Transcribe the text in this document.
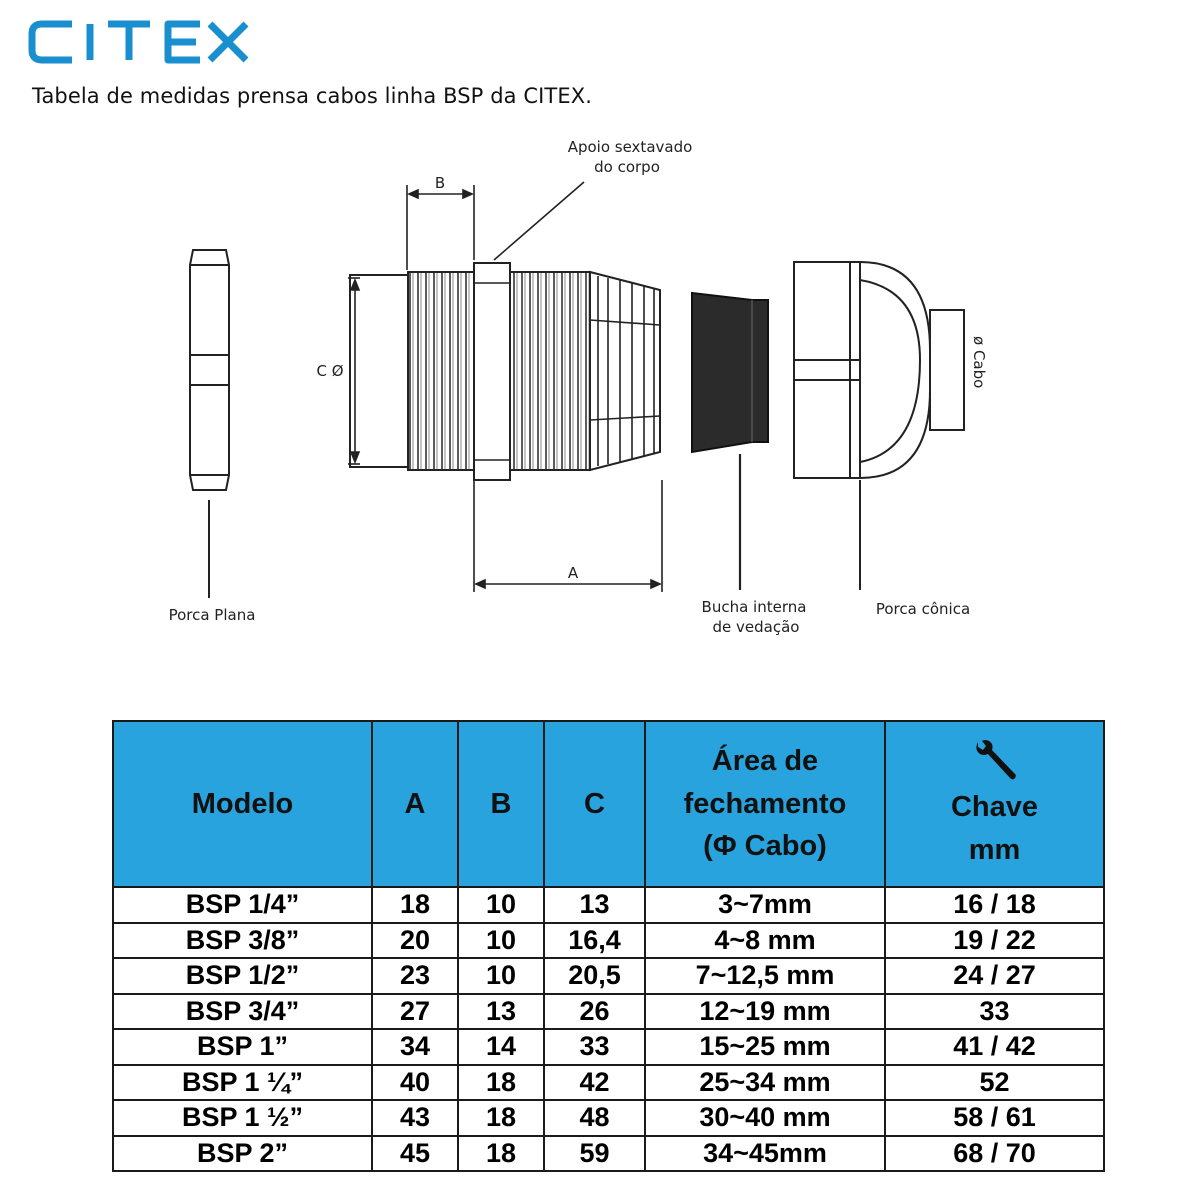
Tabela de medidas prensa cabos linha BSP da CITEX.
B
Apoio sextavado
do corpo
C Ø
A
ø Cabo
Porca Plana	Bucha interna
de vedação
Porca cônica
Modelo	A	B	C	Área de
fechamento
(Φ Cabo)	Chave
mm

BSP 1/4”	18	10	13	3~7mm	16 / 18
BSP 3/8”	20	10	16,4	4~8 mm	19 / 22
BSP 1/2”	23	10	20,5	7~12,5 mm	24 / 27
BSP 3/4”	27	13	26	12~19 mm	33
BSP 1”	34	14	33	15~25 mm	41 / 42
BSP 1 ¼”	40	18	42	25~34 mm	52
BSP 1 ½”	43	18	48	30~40 mm	58 / 61
BSP 2”	45	18	59	34~45mm	68 / 70
